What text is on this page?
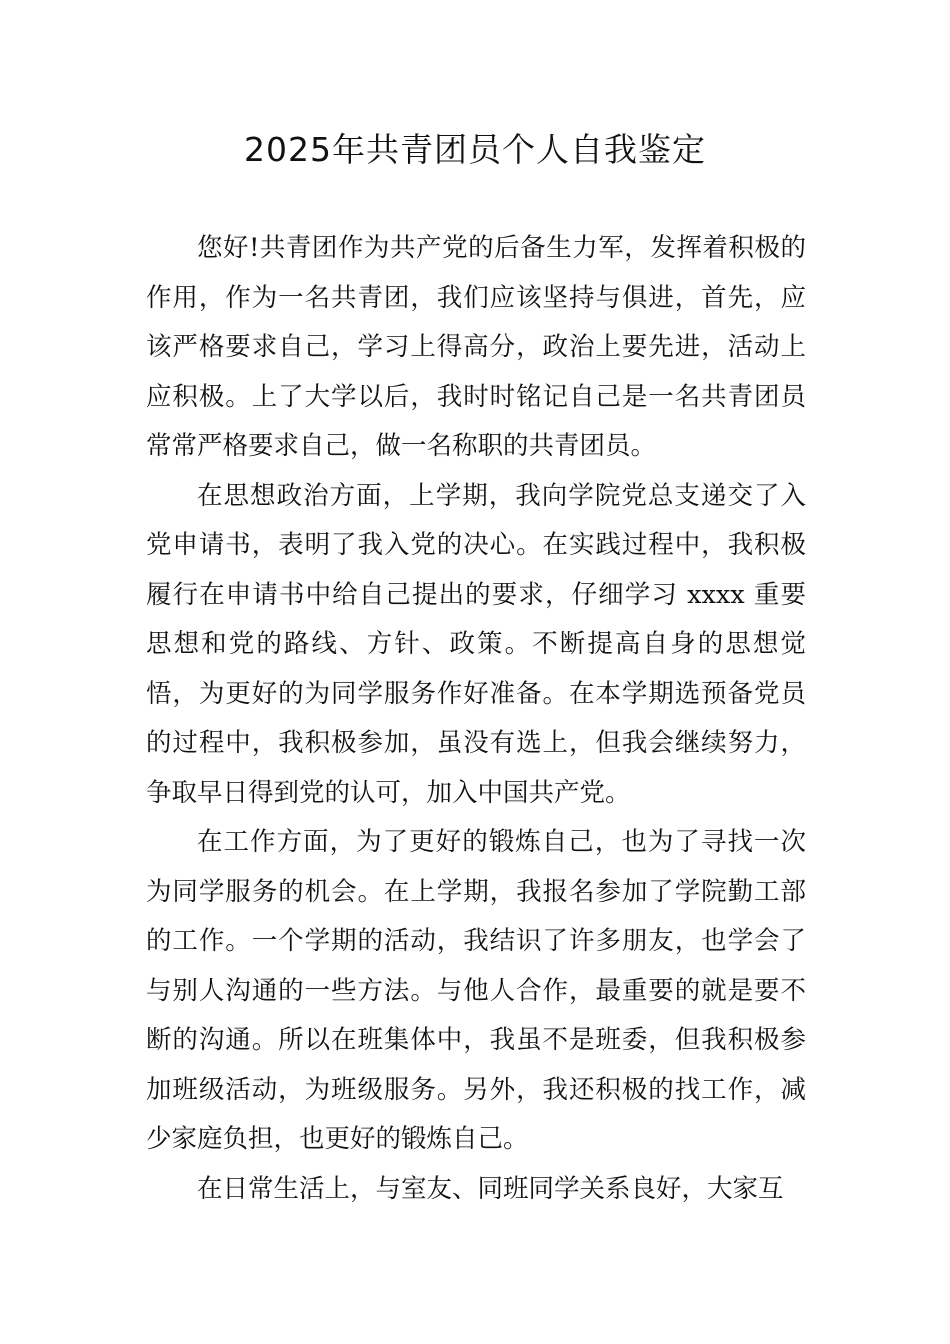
2025年共青团员个人自我鉴定

您好!共青团作为共产党的后备生力军，发挥着积极的作用，作为一名共青团，我们应该坚持与俱进，首先，应该严格要求自己，学习上得高分，政治上要先进，活动上应积极。上了大学以后，我时时铭记自己是一名共青团员常常严格要求自己，做一名称职的共青团员。

在思想政治方面，上学期，我向学院党总支递交了入党申请书，表明了我入党的决心。在实践过程中，我积极履行在申请书中给自己提出的要求，仔细学习 xxxx 重要思想和党的路线、方针、政策。不断提高自身的思想觉悟，为更好的为同学服务作好准备。在本学期选预备党员的过程中，我积极参加，虽没有选上，但我会继续努力，争取早日得到党的认可，加入中国共产党。

在工作方面，为了更好的锻炼自己，也为了寻找一次为同学服务的机会。在上学期，我报名参加了学院勤工部的工作。一个学期的活动，我结识了许多朋友，也学会了与别人沟通的一些方法。与他人合作，最重要的就是要不断的沟通。所以在班集体中，我虽不是班委，但我积极参加班级活动，为班级服务。另外，我还积极的找工作，减少家庭负担，也更好的锻炼自己。

在日常生活上，与室友、同班同学关系良好，大家互
